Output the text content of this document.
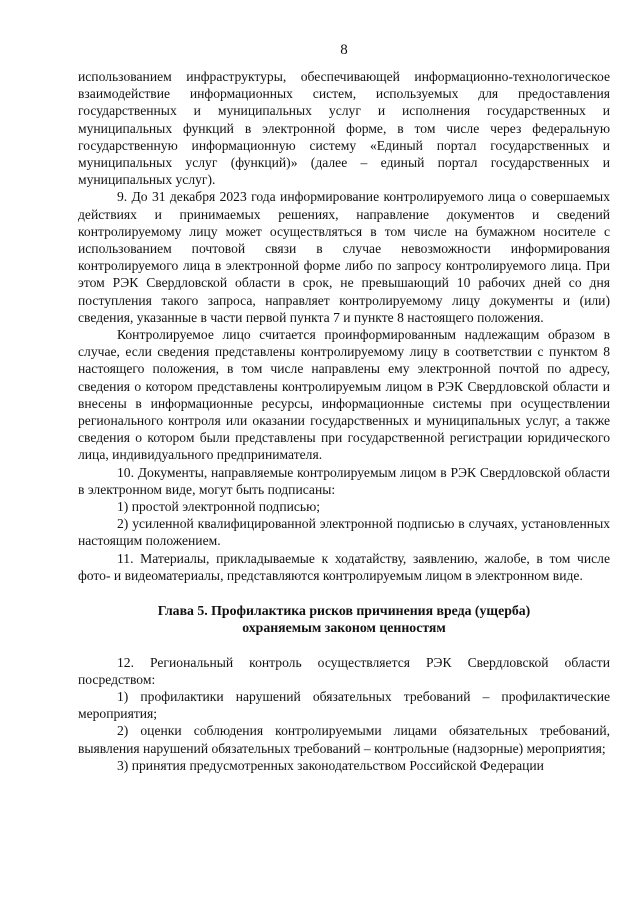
8

использованием инфраструктуры, обеспечивающей информационно-технологическое взаимодействие информационных систем, используемых для предоставления государственных и муниципальных услуг и исполнения государственных и муниципальных функций в электронной форме, в том числе через федеральную государственную информационную систему «Единый портал государственных и муниципальных услуг (функций)» (далее – единый портал государственных и муниципальных услуг).

9. До 31 декабря 2023 года информирование контролируемого лица о совершаемых действиях и принимаемых решениях, направление документов и сведений контролируемому лицу может осуществляться в том числе на бумажном носителе с использованием почтовой связи в случае невозможности информирования контролируемого лица в электронной форме либо по запросу контролируемого лица. При этом РЭК Свердловской области в срок, не превышающий 10 рабочих дней со дня поступления такого запроса, направляет контролируемому лицу документы и (или) сведения, указанные в части первой пункта 7 и пункте 8 настоящего положения.

Контролируемое лицо считается проинформированным надлежащим образом в случае, если сведения представлены контролируемому лицу в соответствии с пунктом 8 настоящего положения, в том числе направлены ему электронной почтой по адресу, сведения о котором представлены контролируемым лицом в РЭК Свердловской области и внесены в информационные ресурсы, информационные системы при осуществлении регионального контроля или оказании государственных и муниципальных услуг, а также сведения о котором были представлены при государственной регистрации юридического лица, индивидуального предпринимателя.

10. Документы, направляемые контролируемым лицом в РЭК Свердловской области в электронном виде, могут быть подписаны:

1) простой электронной подписью;

2) усиленной квалифицированной электронной подписью в случаях, установленных настоящим положением.

11. Материалы, прикладываемые к ходатайству, заявлению, жалобе, в том числе фото- и видеоматериалы, представляются контролируемым лицом в электронном виде.

Глава 5. Профилактика рисков причинения вреда (ущерба)

охраняемым законом ценностям

12. Региональный контроль осуществляется РЭК Свердловской области посредством:

1) профилактики нарушений обязательных требований – профилактические мероприятия;

2) оценки соблюдения контролируемыми лицами обязательных требований, выявления нарушений обязательных требований – контрольные (надзорные) мероприятия;

3) принятия предусмотренных законодательством Российской Федерации
